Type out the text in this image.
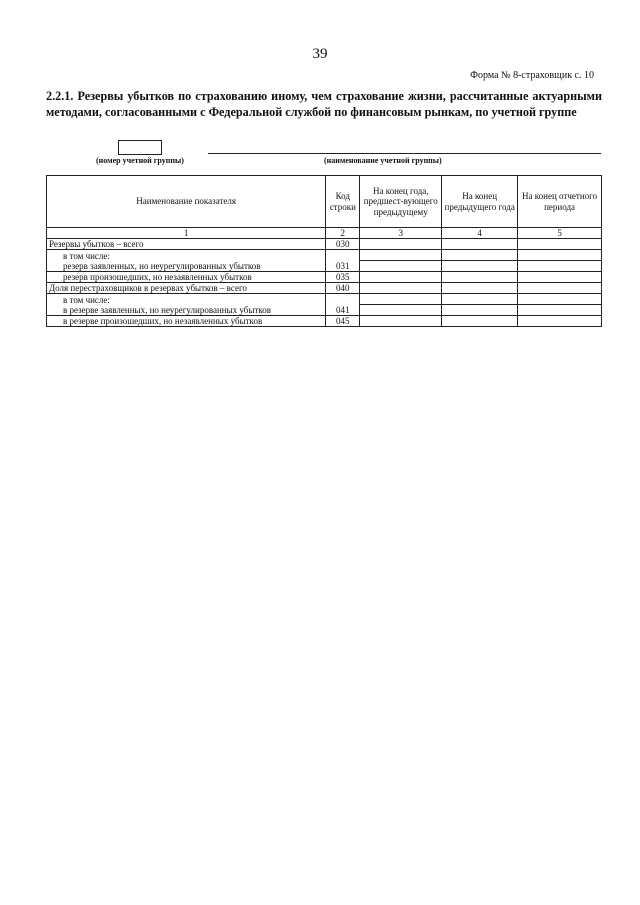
39
Форма № 8-страховщик с. 10
2.2.1. Резервы убытков по страхованию иному, чем страхование жизни, рассчитанные актуарными методами, согласованными с Федеральной службой по финансовым рынкам, по учетной группе
(номер учетной группы)	(наименование учетной группы)
Наименование показателя	Код строки	На конец года, предшест-вующего предыдущему	На конец предыдущего года	На конец отчетного периода
1	2	3	4	5
Резервы убытков – всего	030			
в том числе:				
резерв заявленных, но неурегулированных убытков	031			
резерв произошедших, но незаявленных убытков	035			
Доля перестраховщиков в резервах убытков – всего	040			
в том числе:				
в резерве заявленных, но неурегулированных убытков	041			
в резерве произошедших, но незаявленных убытков	045			
